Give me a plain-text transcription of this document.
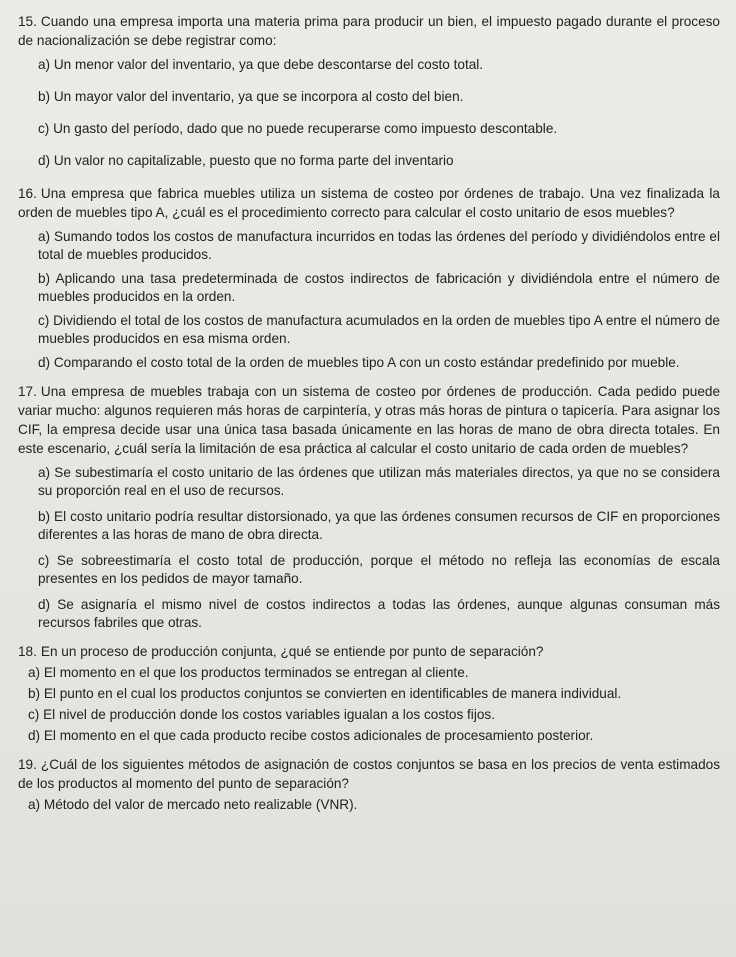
15. Cuando una empresa importa una materia prima para producir un bien, el impuesto pagado durante el proceso de nacionalización se debe registrar como:

a) Un menor valor del inventario, ya que debe descontarse del costo total.

b) Un mayor valor del inventario, ya que se incorpora al costo del bien.

c) Un gasto del período, dado que no puede recuperarse como impuesto descontable.

d) Un valor no capitalizable, puesto que no forma parte del inventario

16. Una empresa que fabrica muebles utiliza un sistema de costeo por órdenes de trabajo. Una vez finalizada la orden de muebles tipo A, ¿cuál es el procedimiento correcto para calcular el costo unitario de esos muebles?

a) Sumando todos los costos de manufactura incurridos en todas las órdenes del período y dividiéndolos entre el total de muebles producidos.

b) Aplicando una tasa predeterminada de costos indirectos de fabricación y dividiéndola entre el número de muebles producidos en la orden.

c) Dividiendo el total de los costos de manufactura acumulados en la orden de muebles tipo A entre el número de muebles producidos en esa misma orden.

d) Comparando el costo total de la orden de muebles tipo A con un costo estándar predefinido por mueble.

17. Una empresa de muebles trabaja con un sistema de costeo por órdenes de producción. Cada pedido puede variar mucho: algunos requieren más horas de carpintería, y otras más horas de pintura o tapicería. Para asignar los CIF, la empresa decide usar una única tasa basada únicamente en las horas de mano de obra directa totales. En este escenario, ¿cuál sería la limitación de esa práctica al calcular el costo unitario de cada orden de muebles?

a) Se subestimaría el costo unitario de las órdenes que utilizan más materiales directos, ya que no se considera su proporción real en el uso de recursos.

b) El costo unitario podría resultar distorsionado, ya que las órdenes consumen recursos de CIF en proporciones diferentes a las horas de mano de obra directa.

c) Se sobreestimaría el costo total de producción, porque el método no refleja las economías de escala presentes en los pedidos de mayor tamaño.

d) Se asignaría el mismo nivel de costos indirectos a todas las órdenes, aunque algunas consuman más recursos fabriles que otras.

18. En un proceso de producción conjunta, ¿qué se entiende por punto de separación?

a) El momento en el que los productos terminados se entregan al cliente.

b) El punto en el cual los productos conjuntos se convierten en identificables de manera individual.

c) El nivel de producción donde los costos variables igualan a los costos fijos.

d) El momento en el que cada producto recibe costos adicionales de procesamiento posterior.

19. ¿Cuál de los siguientes métodos de asignación de costos conjuntos se basa en los precios de venta estimados de los productos al momento del punto de separación?

a) Método del valor de mercado neto realizable (VNR).
